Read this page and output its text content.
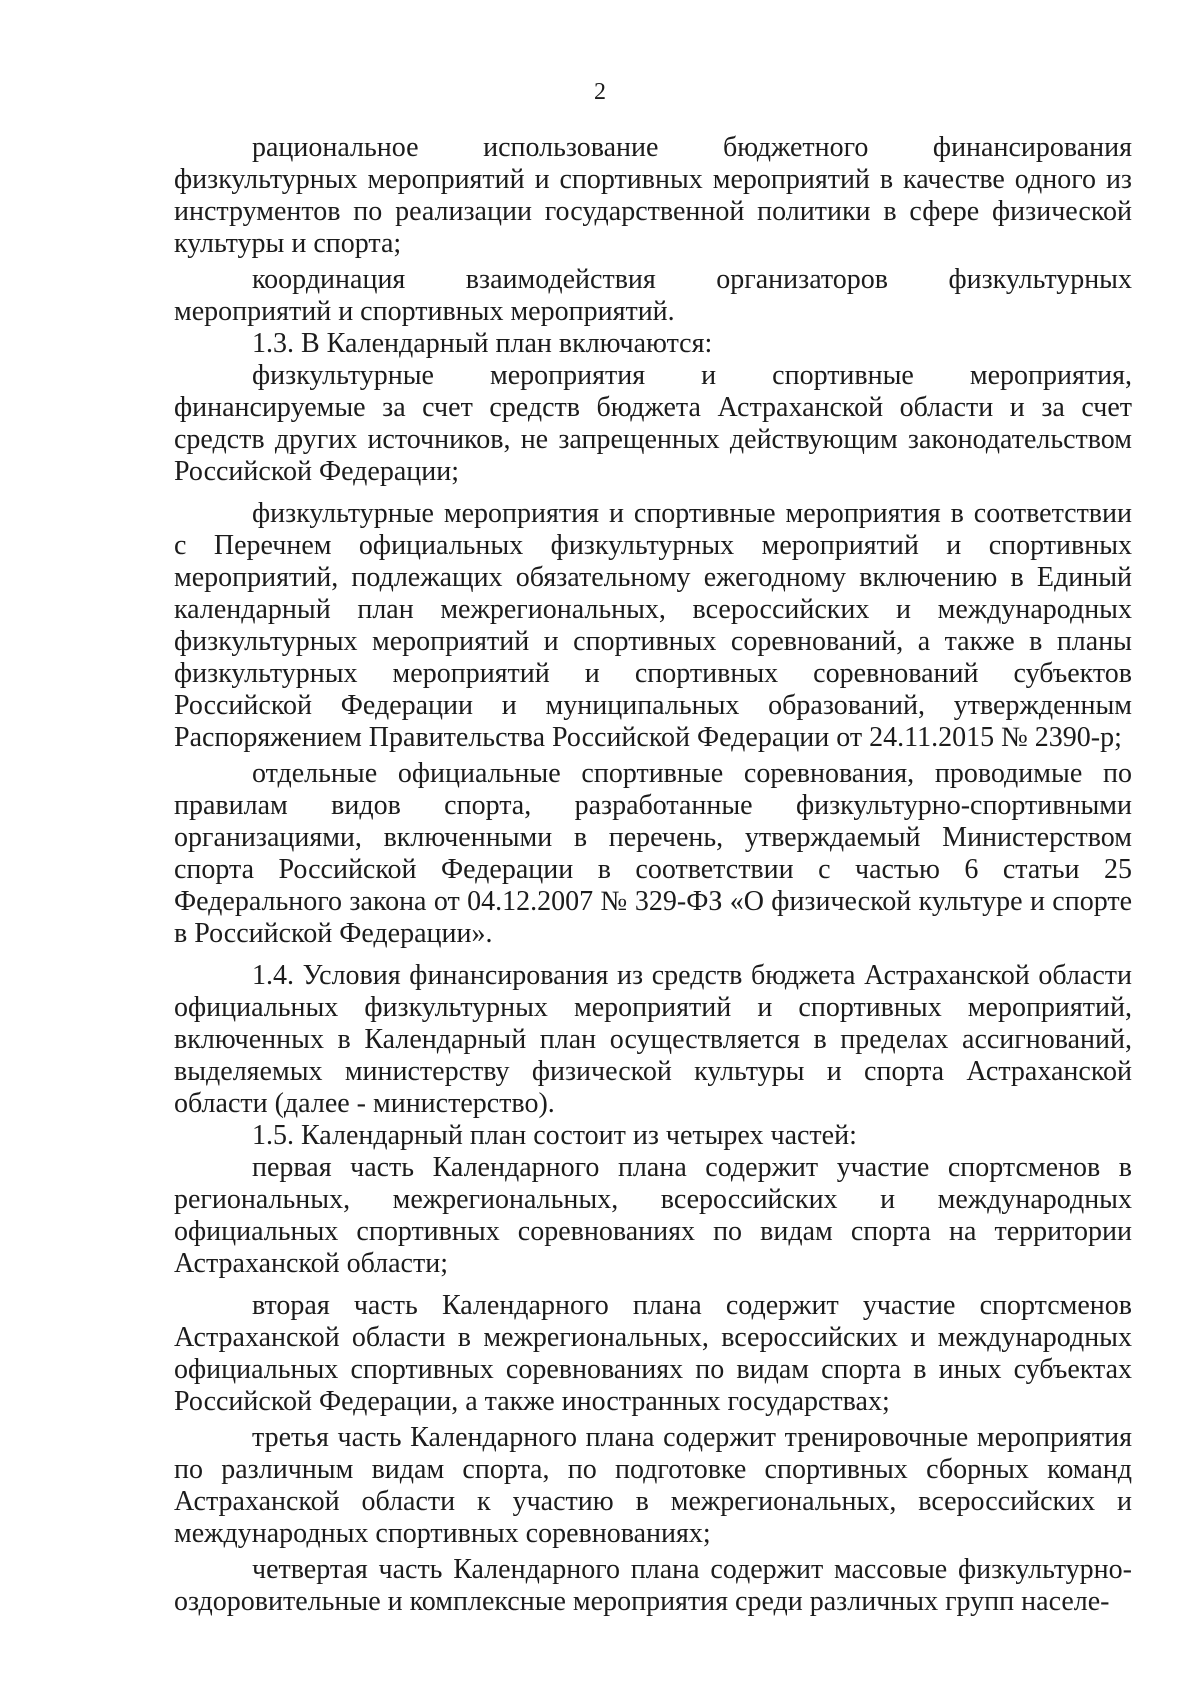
2

рациональное использование бюджетного финансирования физкультурных мероприятий и спортивных мероприятий в качестве одного из инструментов по реализации государственной политики в сфере физической культуры и спорта;

координация взаимодействия организаторов физкультурных мероприятий и спортивных мероприятий.

1.3. В Календарный план включаются:

физкультурные мероприятия и спортивные мероприятия, финансируемые за счет средств бюджета Астраханской области и за счет средств других источников, не запрещенных действующим законодательством Российской Федерации;

физкультурные мероприятия и спортивные мероприятия в соответствии с Перечнем официальных физкультурных мероприятий и спортивных мероприятий, подлежащих обязательному ежегодному включению в Единый календарный план межрегиональных, всероссийских и международных физкультурных мероприятий и спортивных соревнований, а также в планы физкультурных мероприятий и спортивных соревнований субъектов Российской Федерации и муниципальных образований, утвержденным Распоряжением Правительства Российской Федерации от 24.11.2015 № 2390-р;

отдельные официальные спортивные соревнования, проводимые по правилам видов спорта, разработанные физкультурно-спортивными организациями, включенными в перечень, утверждаемый Министерством спорта Российской Федерации в соответствии с частью 6 статьи 25 Федерального закона от 04.12.2007 № 329-ФЗ «О физической культуре и спорте в Российской Федерации».

1.4. Условия финансирования из средств бюджета Астраханской области официальных физкультурных мероприятий и спортивных мероприятий, включенных в Календарный план осуществляется в пределах ассигнований, выделяемых министерству физической культуры и спорта Астраханской области (далее - министерство).

1.5. Календарный план состоит из четырех частей:

первая часть Календарного плана содержит участие спортсменов в региональных, межрегиональных, всероссийских и международных официальных спортивных соревнованиях по видам спорта на территории Астраханской области;

вторая часть Календарного плана содержит участие спортсменов Астраханской области в межрегиональных, всероссийских и международных официальных спортивных соревнованиях по видам спорта в иных субъектах Российской Федерации, а также иностранных государствах;

третья часть Календарного плана содержит тренировочные мероприятия по различным видам спорта, по подготовке спортивных сборных команд Астраханской области к участию в межрегиональных, всероссийских и международных спортивных соревнованиях;

четвертая часть Календарного плана содержит массовые физкультурно-оздоровительные и комплексные мероприятия среди различных групп населе-
